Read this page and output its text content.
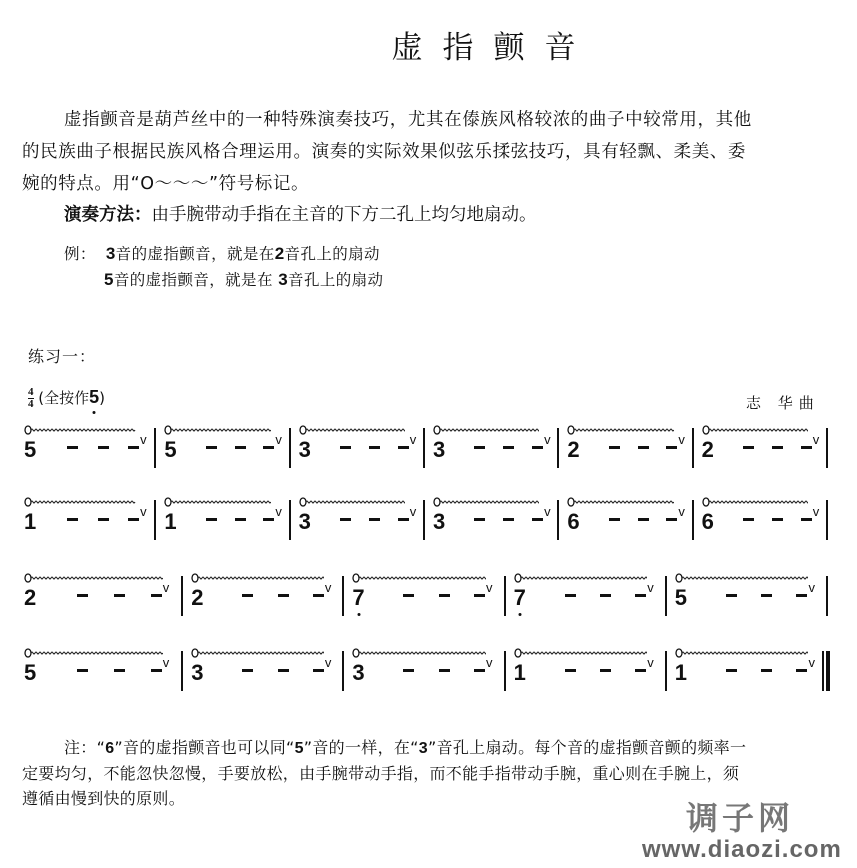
虚指颤音
虚指颤音是葫芦丝中的一种特殊演奏技巧，尤其在傣族风格较浓的曲子中较常用，其他
的民族曲子根据民族风格合理运用。演奏的实际效果似弦乐揉弦技巧，具有轻飘、柔美、委
婉的特点。用“O～～～”符号标记。
演奏方法：由手腕带动手指在主音的下方二孔上均匀地扇动。
例： 3音的虚指颤音，就是在2音孔上的扇动
5音的虚指颤音，就是在 3音孔上的扇动
练习一：
$\frac{4}{4}$ (全按作5
)	志 华曲
5	v 5	v 3	v 3	v 2	v 2	v
1	v 1	v 3	v 3	v 6	v 6	v
2	v 2	v 7	v 7	v 5	v
5	v 3	v 3	v 1	v 1	v
注：“6”音的虚指颤音也可以同“5”音的一样，在“3”音孔上扇动。每个音的虚指颤音颤的频率一
定要均匀，不能忽快忽慢，手要放松，由手腕带动手指，而不能手指带动手腕，重心则在手腕上，须
遵循由慢到快的原则。
调子网
www.diaozi.com
